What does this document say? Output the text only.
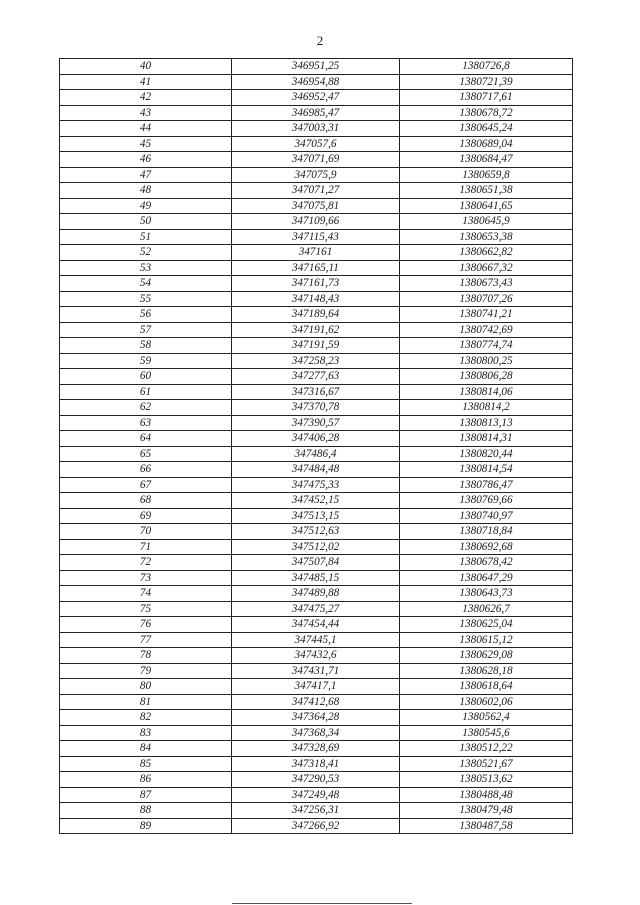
2
40	346951,25	1380726,8
41	346954,88	1380721,39
42	346952,47	1380717,61
43	346985,47	1380678,72
44	347003,31	1380645,24
45	347057,6	1380689,04
46	347071,69	1380684,47
47	347075,9	1380659,8
48	347071,27	1380651,38
49	347075,81	1380641,65
50	347109,66	1380645,9
51	347115,43	1380653,38
52	347161	1380662,82
53	347165,11	1380667,32
54	347161,73	1380673,43
55	347148,43	1380707,26
56	347189,64	1380741,21
57	347191,62	1380742,69
58	347191,59	1380774,74
59	347258,23	1380800,25
60	347277,63	1380806,28
61	347316,67	1380814,06
62	347370,78	1380814,2
63	347390,57	1380813,13
64	347406,28	1380814,31
65	347486,4	1380820,44
66	347484,48	1380814,54
67	347475,33	1380786,47
68	347452,15	1380769,66
69	347513,15	1380740,97
70	347512,63	1380718,84
71	347512,02	1380692,68
72	347507,84	1380678,42
73	347485,15	1380647,29
74	347489,88	1380643,73
75	347475,27	1380626,7
76	347454,44	1380625,04
77	347445,1	1380615,12
78	347432,6	1380629,08
79	347431,71	1380628,18
80	347417,1	1380618,64
81	347412,68	1380602,06
82	347364,28	1380562,4
83	347368,34	1380545,6
84	347328,69	1380512,22
85	347318,41	1380521,67
86	347290,53	1380513,62
87	347249,48	1380488,48
88	347256,31	1380479,48
89	347266,92	1380487,58
